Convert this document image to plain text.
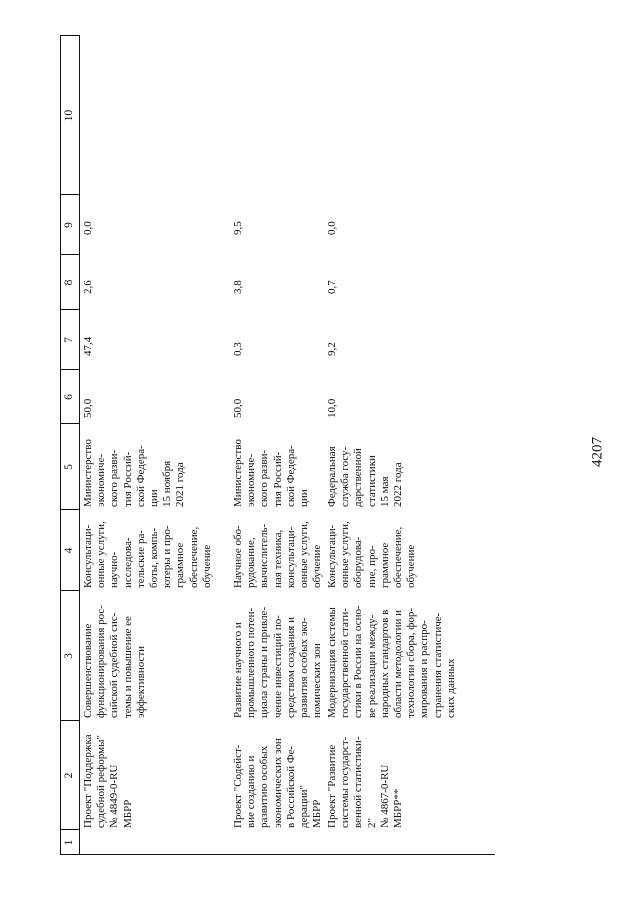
4207
1
2
3
4
5
6
7
8
9
10
Проект "Поддержка
судебной реформы"
№ 4849-0-RU
МБРР
Совершенствование
функционирования рос-
сийской судебной сис-
темы и повышение ее
эффективности
Консультаци-
онные услуги,
научно-
исследова-
тельские ра-
боты, компь-
ютеры и про-
граммное
обеспечение,
обучение
Министерство
экономиче-
ского разви-
тия Россий-
ской Федера-
ции
15 ноября
2021 года
50,0
47,4
2,6
0,0
Проект "Содейст-
вие созданию и
развитию особых
экономических зон
в Российской Фе-
дерации"
МБРР
Развитие научного и
промышленного потен-
циала страны и привле-
чение инвестиций по-
средством создания и
развития особых эко-
номических зон
Научное обо-
рудование,
вычислитель-
ная техника,
консультаци-
онные услуги,
обучение
Министерство
экономиче-
ского разви-
тия Россий-
ской Федера-
ции
50,0
0,3
3,8
9,5
Проект "Развитие
системы государст-
венной статистики-
2"
№ 4867-0-RU
МБРР**
Модернизация системы
государственной стати-
стики в России на осно-
ве реализации между-
народных стандартов в
области методологии и
технологии сбора, фор-
мирования и распро-
странения статистиче-
ских данных
Консультаци-
онные услуги,
оборудова-
ние, про-
граммное
обеспечение,
обучение
Федеральная
служба госу-
дарственной
статистики
15 мая
2022 года
10,0
9,2
0,7
0,0
